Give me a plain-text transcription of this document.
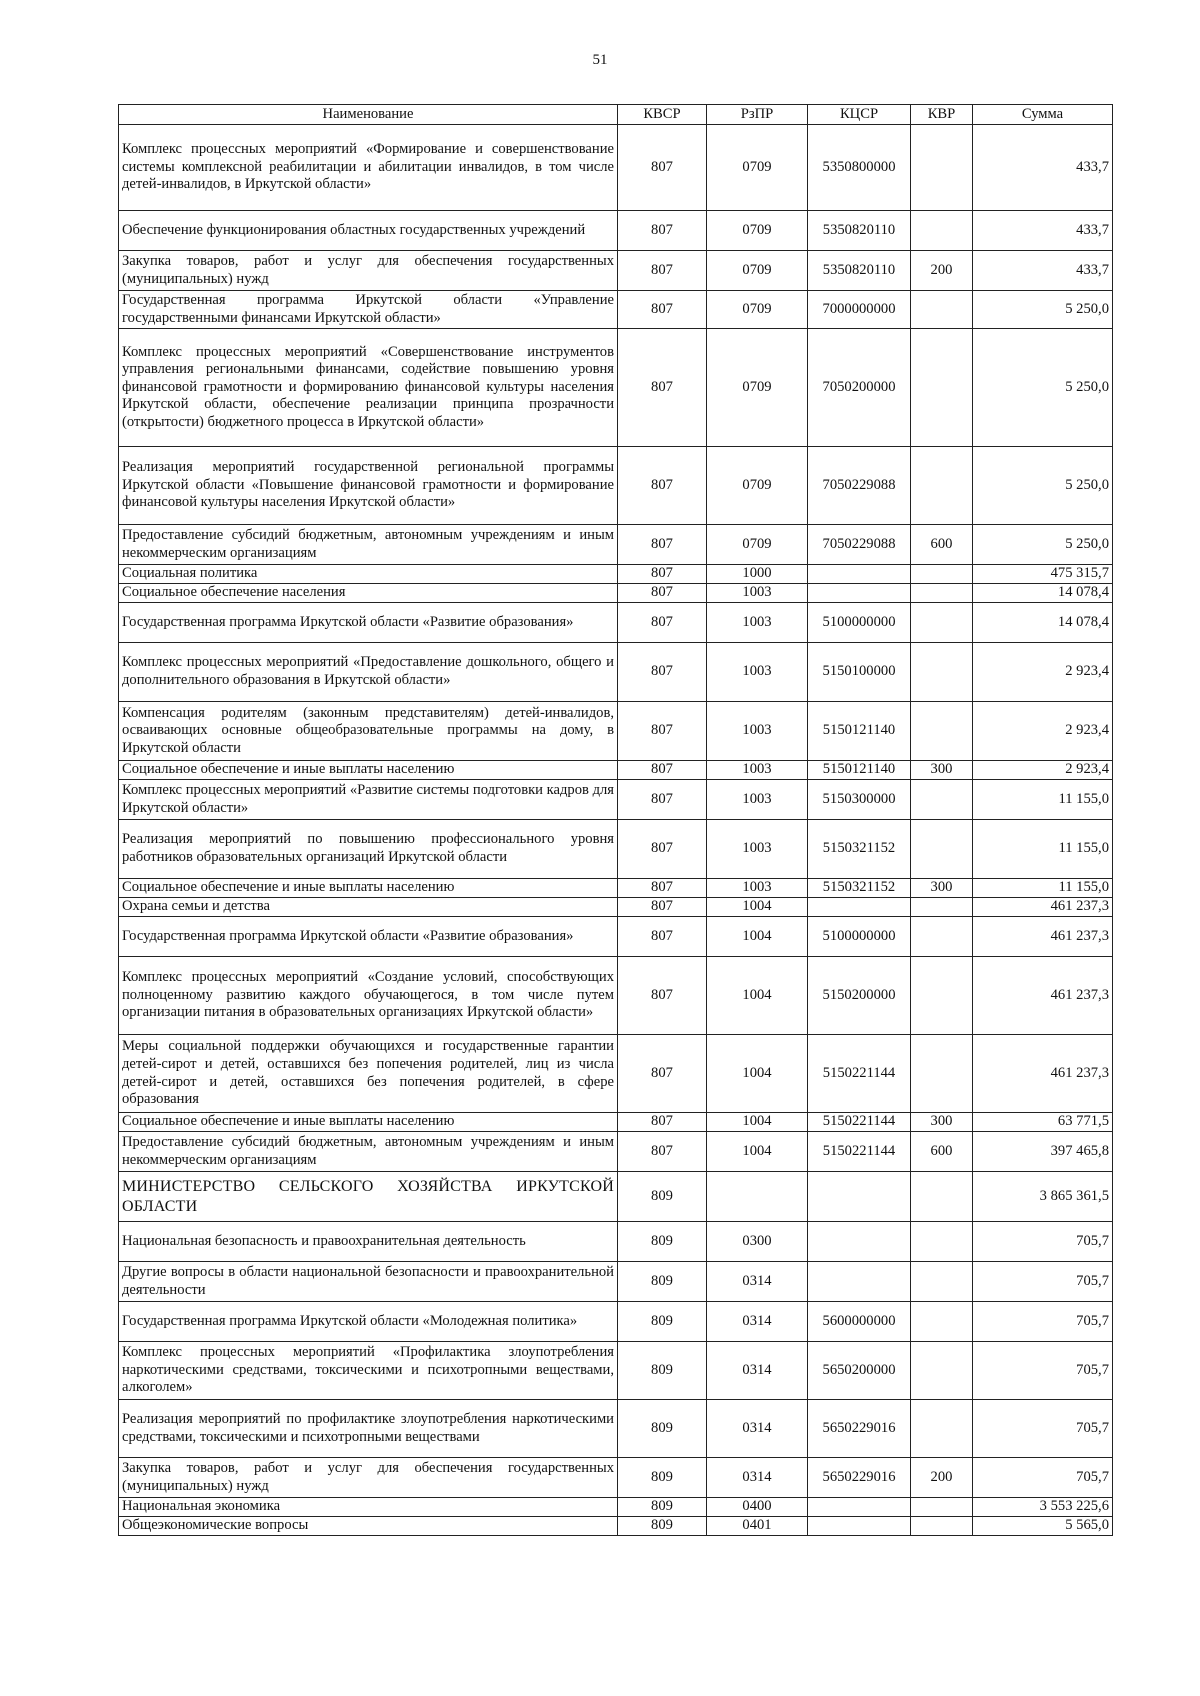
51
Наименование	КВСР	РзПР	КЦСР	КВР	Сумма
Комплекс процессных мероприятий «Формирование и совершенствование системы комплексной реабилитации и абилитации инвалидов, в том числе детей-инвалидов, в Иркутской области»	807	0709	5350800000		433,7
Обеспечение функционирования областных государственных учреждений	807	0709	5350820110		433,7
Закупка товаров, работ и услуг для обеспечения государственных (муниципальных) нужд	807	0709	5350820110	200	433,7
Государственная программа Иркутской области «Управление государственными финансами Иркутской области»	807	0709	7000000000		5 250,0
Комплекс процессных мероприятий «Совершенствование инструментов управления региональными финансами, содействие повышению уровня финансовой грамотности и формированию финансовой культуры населения Иркутской области, обеспечение реализации принципа прозрачности (открытости) бюджетного процесса в Иркутской области»	807	0709	7050200000		5 250,0
Реализация мероприятий государственной региональной программы Иркутской области «Повышение финансовой грамотности и формирование финансовой культуры населения Иркутской области»	807	0709	7050229088		5 250,0
Предоставление субсидий бюджетным, автономным учреждениям и иным некоммерческим организациям	807	0709	7050229088	600	5 250,0
Социальная политика	807	1000			475 315,7
Социальное обеспечение населения	807	1003			14 078,4
Государственная программа Иркутской области «Развитие образования»	807	1003	5100000000		14 078,4
Комплекс процессных мероприятий «Предоставление дошкольного, общего и дополнительного образования в Иркутской области»	807	1003	5150100000		2 923,4
Компенсация родителям (законным представителям) детей-инвалидов, осваивающих основные общеобразовательные программы на дому, в Иркутской области	807	1003	5150121140		2 923,4
Социальное обеспечение и иные выплаты населению	807	1003	5150121140	300	2 923,4
Комплекс процессных мероприятий «Развитие системы подготовки кадров для Иркутской области»	807	1003	5150300000		11 155,0
Реализация мероприятий по повышению профессионального уровня работников образовательных организаций Иркутской области	807	1003	5150321152		11 155,0
Социальное обеспечение и иные выплаты населению	807	1003	5150321152	300	11 155,0
Охрана семьи и детства	807	1004			461 237,3
Государственная программа Иркутской области «Развитие образования»	807	1004	5100000000		461 237,3
Комплекс процессных мероприятий «Создание условий, способствующих полноценному развитию каждого обучающегося, в том числе путем организации питания в образовательных организациях Иркутской области»	807	1004	5150200000		461 237,3
Меры социальной поддержки обучающихся и государственные гарантии детей-сирот и детей, оставшихся без попечения родителей, лиц из числа детей-сирот и детей, оставшихся без попечения родителей, в сфере образования	807	1004	5150221144		461 237,3
Социальное обеспечение и иные выплаты населению	807	1004	5150221144	300	63 771,5
Предоставление субсидий бюджетным, автономным учреждениям и иным некоммерческим организациям	807	1004	5150221144	600	397 465,8
МИНИСТЕРСТВО СЕЛЬСКОГО ХОЗЯЙСТВА ИРКУТСКОЙ ОБЛАСТИ	809				3 865 361,5
Национальная безопасность и правоохранительная деятельность	809	0300			705,7
Другие вопросы в области национальной безопасности и правоохранительной деятельности	809	0314			705,7
Государственная программа Иркутской области «Молодежная политика»	809	0314	5600000000		705,7
Комплекс процессных мероприятий «Профилактика злоупотребления наркотическими средствами, токсическими и психотропными веществами, алкоголем»	809	0314	5650200000		705,7
Реализация мероприятий по профилактике злоупотребления наркотическими средствами, токсическими и психотропными веществами	809	0314	5650229016		705,7
Закупка товаров, работ и услуг для обеспечения государственных (муниципальных) нужд	809	0314	5650229016	200	705,7
Национальная экономика	809	0400			3 553 225,6
Общеэкономические вопросы	809	0401			5 565,0
